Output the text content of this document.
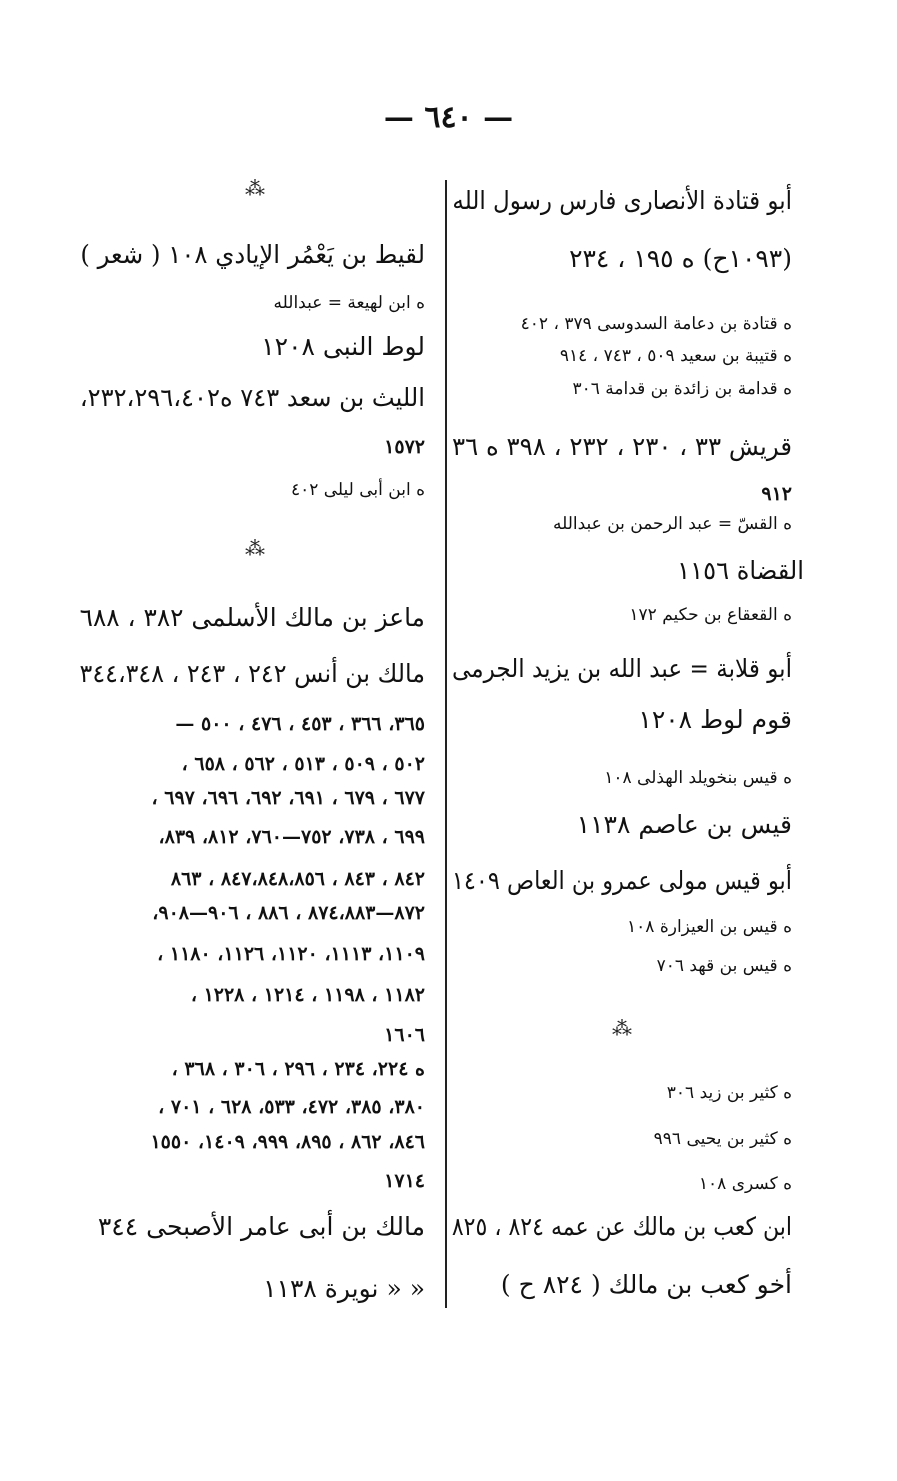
— ٦٤٠ —
أبو قتادة الأنصارى فارس رسول الله
(١٠٩٣ح) ه ١٩٥ ، ٢٣٤
ه قتادة بن دعامة السدوسى ٣٧٩ ، ٤٠٢
ه قتيبة بن سعيد ٥٠٩ ، ٧٤٣ ، ٩١٤
ه قدامة بن زائدة بن قدامة ٣٠٦
قريش ٣٣ ، ٢٣٠ ، ٢٣٢ ، ٣٩٨ ه ٣٦
٩١٢
ه القسّ = عبد الرحمن بن عبدالله
القضاة ١١٥٦
ه القعقاع بن حكيم ١٧٢
أبو قلابة = عبد الله بن يزيد الجرمى
قوم لوط ١٢٠٨
ه قيس بنخويلد الهذلى ١٠٨
قيس بن عاصم ١١٣٨
أبو قيس مولى عمرو بن العاص ١٤٠٩
ه قيس بن العيزارة ١٠٨
ه قيس بن قهد ٧٠٦
ه كثير بن زيد ٣٠٦
ه كثير بن يحيى ٩٩٦
ه كسرى ١٠٨
ابن كعب بن مالك عن عمه ٨٢٤ ، ٨٢٥
أخو كعب بن مالك ( ٨٢٤ ح )
لقيط بن يَعْمُر الإيادي ١٠٨ ( شعر )
ه ابن لهيعة = عبدالله
لوط النبى ١٢٠٨
الليث بن سعد ٧٤٣ ه٢٣٢،٢٩٦،٤٠٢،
١٥٧٢
ه ابن أبى ليلى ٤٠٢
ماعز بن مالك الأسلمى ٣٨٢ ، ٦٨٨
مالك بن أنس ٢٤٢ ، ٢٤٣ ، ٣٤٤،٣٤٨
٣٦٥، ٣٦٦ ، ٤٥٣ ، ٤٧٦ ، ٥٠٠ —
٥٠٢ ، ٥٠٩ ، ٥١٣ ، ٥٦٢ ، ٦٥٨ ،
٦٧٧ ، ٦٧٩ ، ٦٩١، ٦٩٢، ٦٩٦، ٦٩٧ ،
٦٩٩ ، ٧٣٨، ٧٥٢—٧٦٠، ٨١٢، ٨٣٩،
٨٤٢ ، ٨٤٣ ، ٨٤٧،٨٤٨،٨٥٦ ، ٨٦٣
٨٧٢—٨٧٤،٨٨٣ ، ٨٨٦ ، ٩٠٦—٩٠٨،
١١٠٩، ١١١٣، ١١٢٠، ١١٢٦، ١١٨٠ ،
١١٨٢ ، ١١٩٨ ، ١٢١٤ ، ١٢٢٨ ،
١٦٠٦
ه ٢٢٤، ٢٣٤ ، ٢٩٦ ، ٣٠٦ ، ٣٦٨ ،
٣٨٠، ٣٨٥، ٤٧٢، ٥٣٣، ٦٢٨ ، ٧٠١ ،
٨٤٦، ٨٦٢ ، ٨٩٥، ٩٩٩، ١٤٠٩، ١٥٥٠
١٧١٤
مالك بن أبى عامر الأصبحى ٣٤٤
« « نويرة ١١٣٨
⁂
⁂
⁂
